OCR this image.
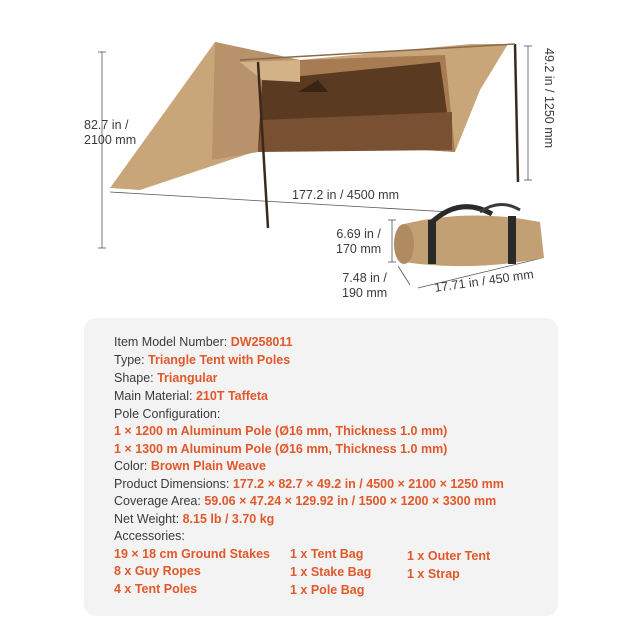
82.7 in /
2100 mm	49.2 in / 1250 mm
177.2 in / 4500 mm
6.69 in /
170 mm
7.48 in /
190 mm	17.71 in / 450 mm
Item Model Number: DW258011
Type: Triangle Tent with Poles
Shape: Triangular
Main Material: 210T Taffeta
Pole Configuration:
1 × 1200 m Aluminum Pole (Ø16 mm, Thickness 1.0 mm)
1 × 1300 m Aluminum Pole (Ø16 mm, Thickness 1.0 mm)
Color: Brown Plain Weave
Product Dimensions: 177.2 × 82.7 × 49.2 in / 4500 × 2100 × 1250 mm
Coverage Area: 59.06 × 47.24 × 129.92 in / 1500 × 1200 × 3300 mm
Net Weight: 8.15 lb / 3.70 kg
Accessories:
19 × 18 cm Ground Stakes
8 x Guy Ropes
4 x Tent Poles
1 x Tent Bag
1 x Stake Bag
1 x Pole Bag
1 x Outer Tent
1 x Strap
